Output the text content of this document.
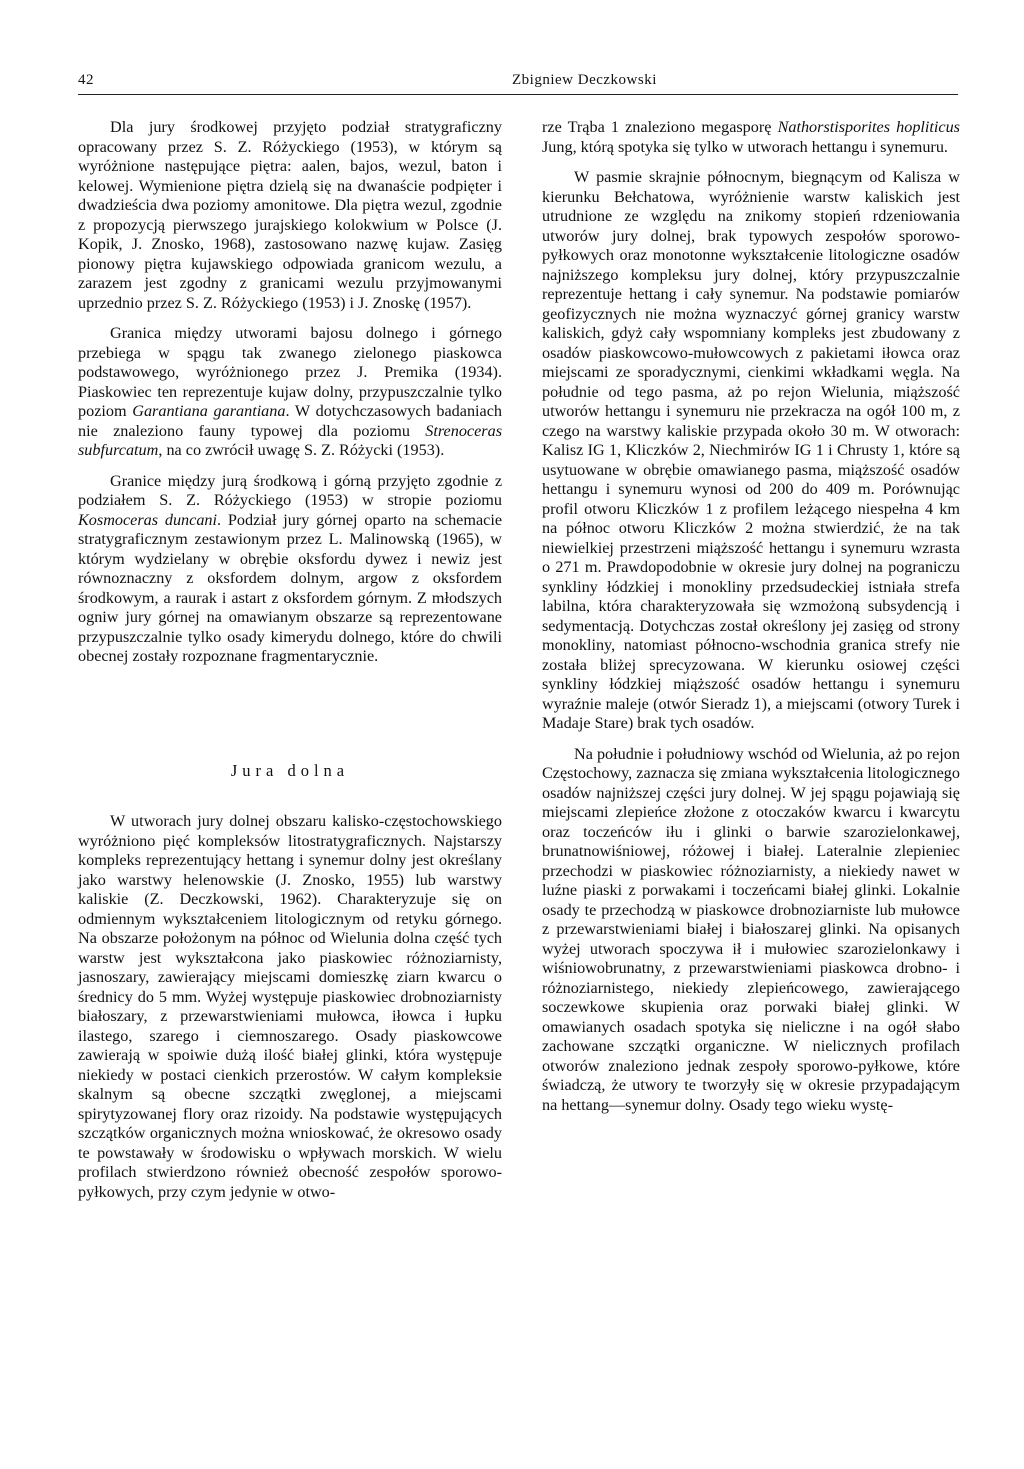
42	Zbigniew Deczkowski

Dla jury środkowej przyjęto podział stratygraficzny opracowany przez S. Z. Różyckiego (1953), w którym są wyróżnione następujące piętra: aalen, bajos, wezul, baton i kelowej. Wymienione piętra dzielą się na dwanaście podpięter i dwadzieścia dwa poziomy amonitowe. Dla piętra wezul, zgodnie z propozycją pierwszego jurajskiego kolokwium w Polsce (J. Kopik, J. Znosko, 1968), zastosowano nazwę kujaw. Zasięg pionowy piętra kujawskiego odpowiada granicom wezulu, a zarazem jest zgodny z granicami wezulu przyjmowanymi uprzednio przez S. Z. Różyckiego (1953) i J. Znoskę (1957).

Granica między utworami bajosu dolnego i górnego przebiega w spągu tak zwanego zielonego piaskowca podstawowego, wyróżnionego przez J. Premika (1934). Piaskowiec ten reprezentuje kujaw dolny, przypuszczalnie tylko poziom Garantiana garantiana. W dotychczasowych badaniach nie znaleziono fauny typowej dla poziomu Strenoceras subfurcatum, na co zwrócił uwagę S. Z. Różycki (1953).

Granice między jurą środkową i górną przyjęto zgodnie z podziałem S. Z. Różyckiego (1953) w stropie poziomu Kosmoceras duncani. Podział jury górnej oparto na schemacie stratygraficznym zestawionym przez L. Malinowską (1965), w którym wydzielany w obrębie oksfordu dywez i newiz jest równoznaczny z oksfordem dolnym, argow z oksfordem środkowym, a raurak i astart z oksfordem górnym. Z młodszych ogniw jury górnej na omawianym obszarze są reprezentowane przypuszczalnie tylko osady kimerydu dolnego, które do chwili obecnej zostały rozpoznane fragmentarycznie.

Jura dolna

W utworach jury dolnej obszaru kalisko-częstochowskiego wyróżniono pięć kompleksów litostratygraficznych. Najstarszy kompleks reprezentujący hettang i synemur dolny jest określany jako warstwy helenowskie (J. Znosko, 1955) lub warstwy kaliskie (Z. Deczkowski, 1962). Charakteryzuje się on odmiennym wykształceniem litologicznym od retyku górnego. Na obszarze położonym na północ od Wielunia dolna część tych warstw jest wykształcona jako piaskowiec różnoziarnisty, jasnoszary, zawierający miejscami domieszkę ziarn kwarcu o średnicy do 5 mm. Wyżej występuje piaskowiec drobnoziarnisty białoszary, z przewarstwieniami mułowca, iłowca i łupku ilastego, szarego i ciemnoszarego. Osady piaskowcowe zawierają w spoiwie dużą ilość białej glinki, która występuje niekiedy w postaci cienkich przerostów. W całym kompleksie skalnym są obecne szczątki zwęglonej, a miejscami spirytyzowanej flory oraz rizoidy. Na podstawie występujących szczątków organicznych można wnioskować, że okresowo osady te powstawały w środowisku o wpływach morskich. W wielu profilach stwierdzono również obecność zespołów sporowo-pyłkowych, przy czym jedynie w otwo-

rze Trąba 1 znaleziono megasporę Nathorstisporites hopliticus Jung, którą spotyka się tylko w utworach hettangu i synemuru.

W pasmie skrajnie północnym, biegnącym od Kalisza w kierunku Bełchatowa, wyróżnienie warstw kaliskich jest utrudnione ze względu na znikomy stopień rdzeniowania utworów jury dolnej, brak typowych zespołów sporowo-pyłkowych oraz monotonne wykształcenie litologiczne osadów najniższego kompleksu jury dolnej, który przypuszczalnie reprezentuje hettang i cały synemur. Na podstawie pomiarów geofizycznych nie można wyznaczyć górnej granicy warstw kaliskich, gdyż cały wspomniany kompleks jest zbudowany z osadów piaskowcowo-mułowcowych z pakietami iłowca oraz miejscami ze sporadycznymi, cienkimi wkładkami węgla. Na południe od tego pasma, aż po rejon Wielunia, miąższość utworów hettangu i synemuru nie przekracza na ogół 100 m, z czego na warstwy kaliskie przypada około 30 m. W otworach: Kalisz IG 1, Kliczków 2, Niechmirów IG 1 i Chrusty 1, które są usytuowane w obrębie omawianego pasma, miąższość osadów hettangu i synemuru wynosi od 200 do 409 m. Porównując profil otworu Kliczków 1 z profilem leżącego niespełna 4 km na północ otworu Kliczków 2 można stwierdzić, że na tak niewielkiej przestrzeni miąższość hettangu i synemuru wzrasta o 271 m. Prawdopodobnie w okresie jury dolnej na pograniczu synkliny łódzkiej i monokliny przedsudeckiej istniała strefa labilna, która charakteryzowała się wzmożoną subsydencją i sedymentacją. Dotychczas został określony jej zasięg od strony monokliny, natomiast północno-wschodnia granica strefy nie została bliżej sprecyzowana. W kierunku osiowej części synkliny łódzkiej miąższość osadów hettangu i synemuru wyraźnie maleje (otwór Sieradz 1), a miejscami (otwory Turek i Madaje Stare) brak tych osadów.

Na południe i południowy wschód od Wielunia, aż po rejon Częstochowy, zaznacza się zmiana wykształcenia litologicznego osadów najniższej części jury dolnej. W jej spągu pojawiają się miejscami zlepieńce złożone z otoczaków kwarcu i kwarcytu oraz toczeńców iłu i glinki o barwie szarozielonkawej, brunatnowiśniowej, różowej i białej. Lateralnie zlepieniec przechodzi w piaskowiec różnoziarnisty, a niekiedy nawet w luźne piaski z porwakami i toczeńcami białej glinki. Lokalnie osady te przechodzą w piaskowce drobnoziarniste lub mułowce z przewarstwieniami białej i białoszarej glinki. Na opisanych wyżej utworach spoczywa ił i mułowiec szarozielonkawy i wiśniowobrunatny, z przewarstwieniami piaskowca drobno- i różnoziarnistego, niekiedy zlepieńcowego, zawierającego soczewkowe skupienia oraz porwaki białej glinki. W omawianych osadach spotyka się nieliczne i na ogół słabo zachowane szczątki organiczne. W nielicznych profilach otworów znaleziono jednak zespoły sporowo-pyłkowe, które świadczą, że utwory te tworzyły się w okresie przypadającym na hettang—synemur dolny. Osady tego wieku wystę-
